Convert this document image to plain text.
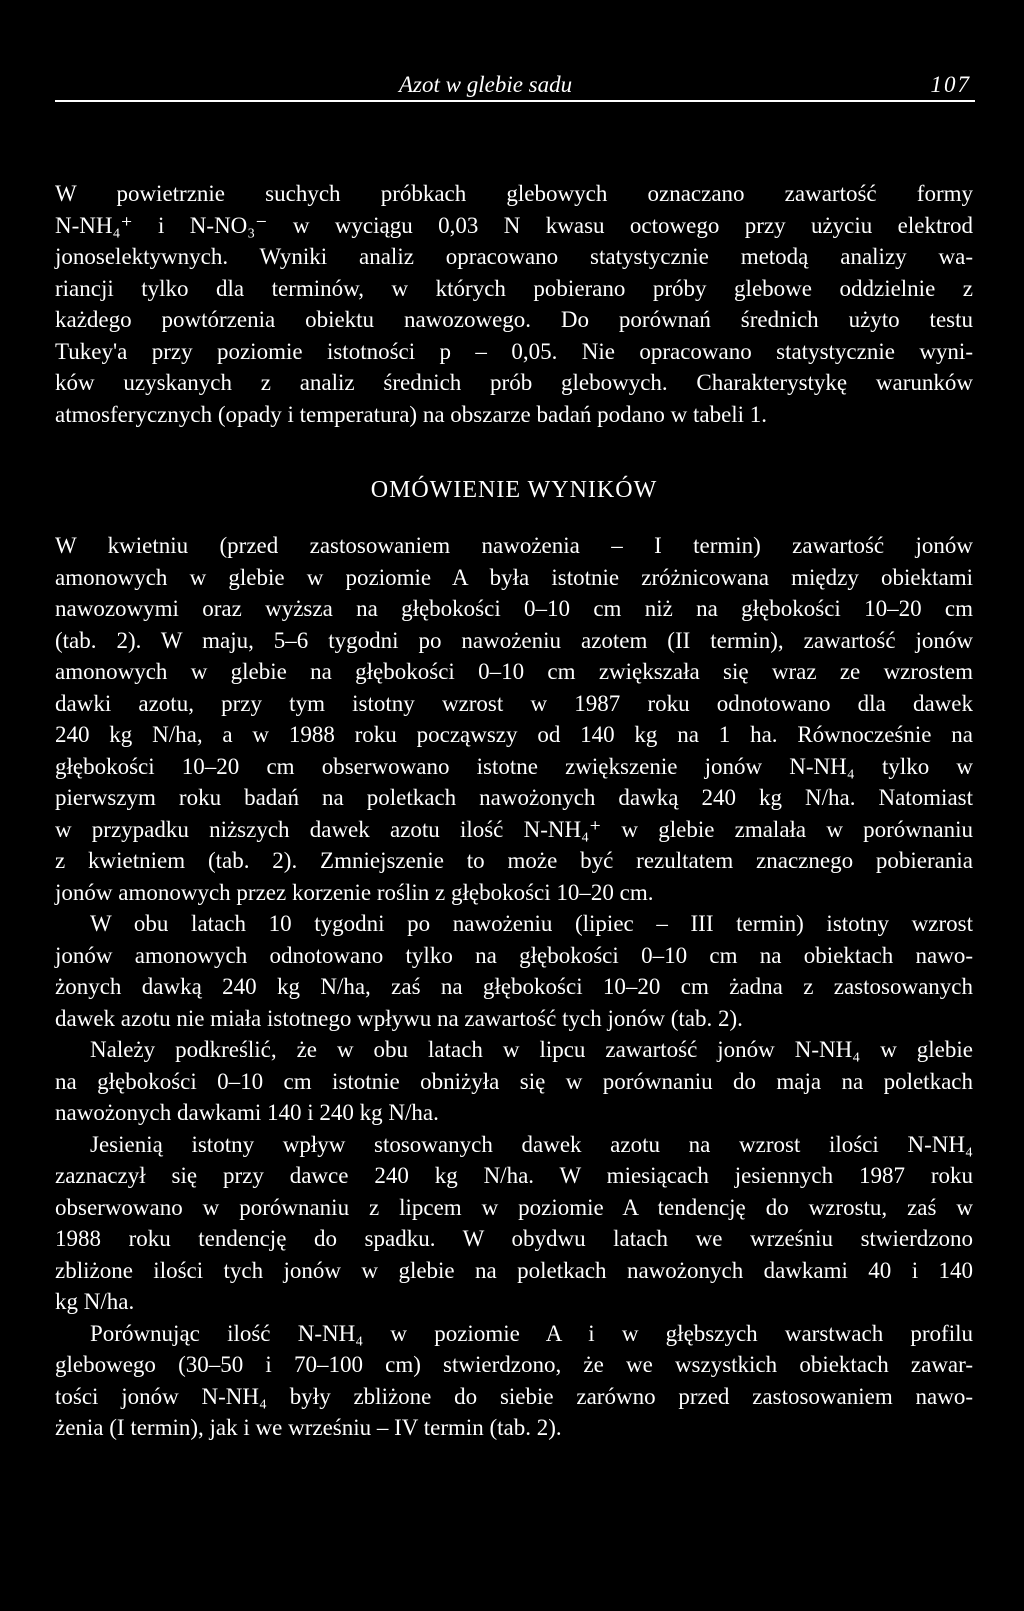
Azot w glebie sadu	107
W powietrznie suchych próbkach glebowych oznaczano zawartość formy
N-NH₄⁺ i N-NO₃⁻ w wyciągu 0,03 N kwasu octowego przy użyciu elektrod
jonoselektywnych. Wyniki analiz opracowano statystycznie metodą analizy wa-
riancji tylko dla terminów, w których pobierano próby glebowe oddzielnie z
każdego powtórzenia obiektu nawozowego. Do porównań średnich użyto testu
Tukey'a przy poziomie istotności p – 0,05. Nie opracowano statystycznie wyni-
ków uzyskanych z analiz średnich prób glebowych. Charakterystykę warunków
atmosferycznych (opady i temperatura) na obszarze badań podano w tabeli 1.
OMÓWIENIE WYNIKÓW
W kwietniu (przed zastosowaniem nawożenia – I termin) zawartość jonów
amonowych w glebie w poziomie A była istotnie zróżnicowana między obiektami
nawozowymi oraz wyższa na głębokości 0–10 cm niż na głębokości 10–20 cm
(tab. 2). W maju, 5–6 tygodni po nawożeniu azotem (II termin), zawartość jonów
amonowych w glebie na głębokości 0–10 cm zwiększała się wraz ze wzrostem
dawki azotu, przy tym istotny wzrost w 1987 roku odnotowano dla dawek
240 kg N/ha, a w 1988 roku począwszy od 140 kg na 1 ha. Równocześnie na
głębokości 10–20 cm obserwowano istotne zwiększenie jonów N-NH₄ tylko w
pierwszym roku badań na poletkach nawożonych dawką 240 kg N/ha. Natomiast
w przypadku niższych dawek azotu ilość N-NH₄⁺ w glebie zmalała w porównaniu
z kwietniem (tab. 2). Zmniejszenie to może być rezultatem znacznego pobierania
jonów amonowych przez korzenie roślin z głębokości 10–20 cm.
W obu latach 10 tygodni po nawożeniu (lipiec – III termin) istotny wzrost
jonów amonowych odnotowano tylko na głębokości 0–10 cm na obiektach nawo-
żonych dawką 240 kg N/ha, zaś na głębokości 10–20 cm żadna z zastosowanych
dawek azotu nie miała istotnego wpływu na zawartość tych jonów (tab. 2).
Należy podkreślić, że w obu latach w lipcu zawartość jonów N-NH₄ w glebie
na głębokości 0–10 cm istotnie obniżyła się w porównaniu do maja na poletkach
nawożonych dawkami 140 i 240 kg N/ha.
Jesienią istotny wpływ stosowanych dawek azotu na wzrost ilości N-NH₄
zaznaczył się przy dawce 240 kg N/ha. W miesiącach jesiennych 1987 roku
obserwowano w porównaniu z lipcem w poziomie A tendencję do wzrostu, zaś w
1988 roku tendencję do spadku. W obydwu latach we wrześniu stwierdzono
zbliżone ilości tych jonów w glebie na poletkach nawożonych dawkami 40 i 140
kg N/ha.
Porównując ilość N-NH₄ w poziomie A i w głębszych warstwach profilu
glebowego (30–50 i 70–100 cm) stwierdzono, że we wszystkich obiektach zawar-
tości jonów N-NH₄ były zbliżone do siebie zarówno przed zastosowaniem nawo-
żenia (I termin), jak i we wrześniu – IV termin (tab. 2).
